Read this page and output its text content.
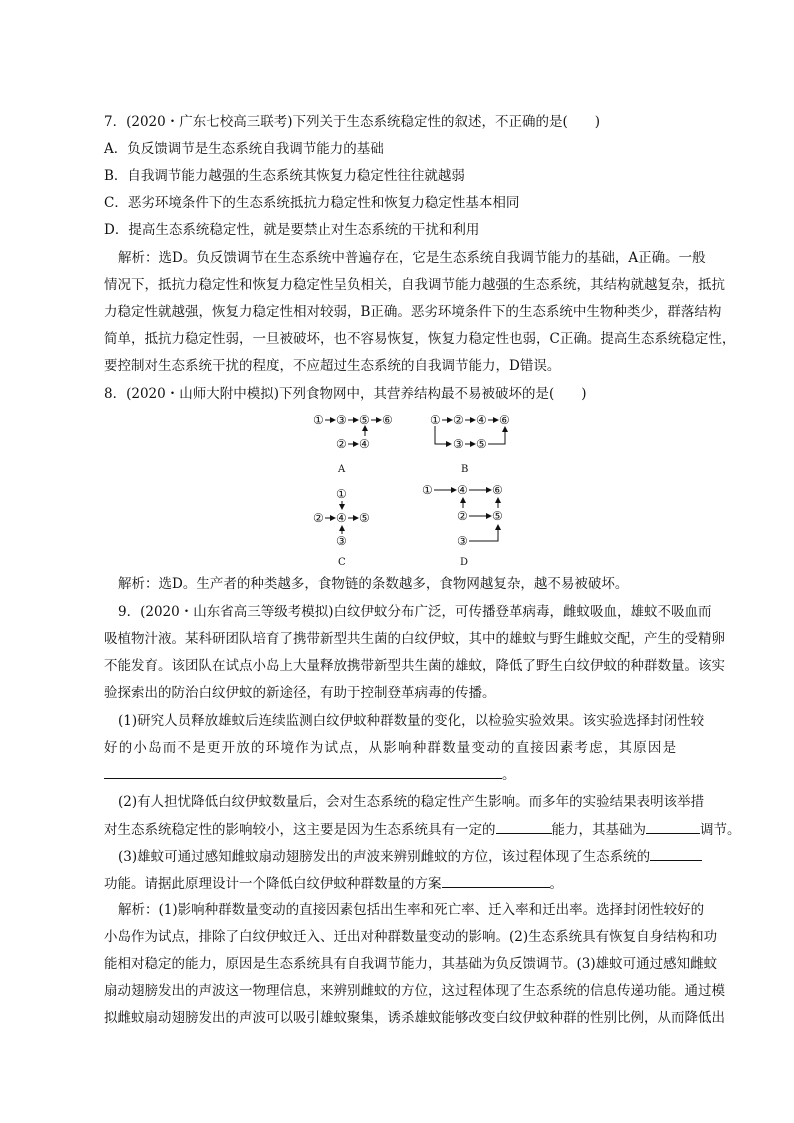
7．(2020・广东七校高三联考)下列关于生态系统稳定性的叙述，不正确的是(　　)
A．负反馈调节是生态系统自我调节能力的基础
B．自我调节能力越强的生态系统其恢复力稳定性往往就越弱
C．恶劣环境条件下的生态系统抵抗力稳定性和恢复力稳定性基本相同
D．提高生态系统稳定性，就是要禁止对生态系统的干扰和利用
解析：选D。负反馈调节在生态系统中普遍存在，它是生态系统自我调节能力的基础，A正确。一般
情况下，抵抗力稳定性和恢复力稳定性呈负相关，自我调节能力越强的生态系统，其结构就越复杂，抵抗
力稳定性就越强，恢复力稳定性相对较弱，B正确。恶劣环境条件下的生态系统中生物种类少，群落结构
简单，抵抗力稳定性弱，一旦被破坏，也不容易恢复，恢复力稳定性也弱，C正确。提高生态系统稳定性，
要控制对生态系统干扰的程度，不应超过生态系统的自我调节能力，D错误。
8．(2020・山师大附中模拟)下列食物网中，其营养结构最不易被破坏的是(　　)
① ③ ⑤ ⑥
② ④
A
① ② ④ ⑥
③ ⑤
B
①
② ④ ⑤
③
C
① ④ ⑥
② ⑤
③
D
解析：选D。生产者的种类越多，食物链的条数越多，食物网越复杂，越不易被破坏。
9．(2020・山东省高三等级考模拟)白纹伊蚊分布广泛，可传播登革病毒，雌蚊吸血，雄蚊不吸血而
吸植物汁液。某科研团队培育了携带新型共生菌的白纹伊蚊，其中的雄蚊与野生雌蚊交配，产生的受精卵
不能发育。该团队在试点小岛上大量释放携带新型共生菌的雄蚊，降低了野生白纹伊蚊的种群数量。该实
验探索出的防治白纹伊蚊的新途径，有助于控制登革病毒的传播。
(1)研究人员释放雄蚊后连续监测白纹伊蚊种群数量的变化，以检验实验效果。该实验选择封闭性较
好的小岛而不是更开放的环境作为试点，从影响种群数量变动的直接因素考虑，其原因是
。
(2)有人担忧降低白纹伊蚊数量后，会对生态系统的稳定性产生影响。而多年的实验结果表明该举措
对生态系统稳定性的影响较小，这主要是因为生态系统具有一定的	能力，其基础为	调节。
(3)雄蚊可通过感知雌蚊扇动翅膀发出的声波来辨别雌蚊的方位，该过程体现了生态系统的
功能。请据此原理设计一个降低白纹伊蚊种群数量的方案	。
解析：(1)影响种群数量变动的直接因素包括出生率和死亡率、迁入率和迁出率。选择封闭性较好的
小岛作为试点，排除了白纹伊蚊迁入、迁出对种群数量变动的影响。(2)生态系统具有恢复自身结构和功
能相对稳定的能力，原因是生态系统具有自我调节能力，其基础为负反馈调节。(3)雄蚊可通过感知雌蚊
扇动翅膀发出的声波这一物理信息，来辨别雌蚊的方位，这过程体现了生态系统的信息传递功能。通过模
拟雌蚊扇动翅膀发出的声波可以吸引雄蚊聚集，诱杀雄蚊能够改变白纹伊蚊种群的性别比例，从而降低出
